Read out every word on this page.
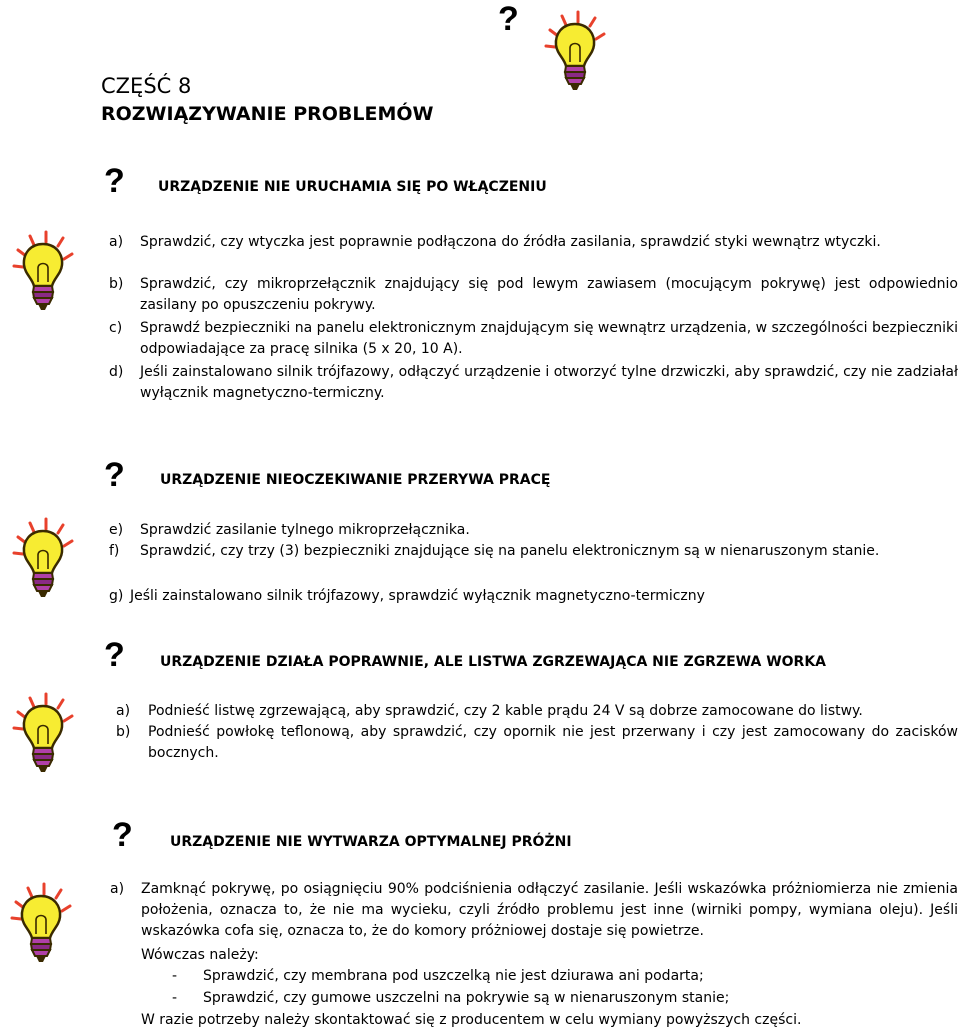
?
CZĘŚĆ 8
ROZWIĄZYWANIE PROBLEMÓW
? URZĄDZENIE NIE URUCHAMIA SIĘ PO WŁĄCZENIU
a) Sprawdzić, czy wtyczka jest poprawnie podłączona do źródła zasilania, sprawdzić styki wewnątrz wtyczki.
b) Sprawdzić, czy mikroprzełącznik znajdujący się pod lewym zawiasem (mocującym pokrywę) jest odpowiednio zasilany po opuszczeniu pokrywy.
c) Sprawdź bezpieczniki na panelu elektronicznym znajdującym się wewnątrz urządzenia, w szczególności bezpieczniki odpowiadające za pracę silnika (5 x 20, 10 A).
d) Jeśli zainstalowano silnik trójfazowy, odłączyć urządzenie i otworzyć tylne drzwiczki, aby sprawdzić, czy nie zadziałał wyłącznik magnetyczno-termiczny.
?	URZĄDZENIE NIEOCZEKIWANIE PRZERYWA PRACĘ
e) Sprawdzić zasilanie tylnego mikroprzełącznika.
f) Sprawdzić, czy trzy (3) bezpieczniki znajdujące się na panelu elektronicznym są w nienaruszonym stanie.
g) Jeśli zainstalowano silnik trójfazowy, sprawdzić wyłącznik magnetyczno-termiczny
?	URZĄDZENIE DZIAŁA POPRAWNIE, ALE LISTWA ZGRZEWAJĄCA NIE ZGRZEWA WORKA
a) Podnieść listwę zgrzewającą, aby sprawdzić, czy 2 kable prądu 24 V są dobrze zamocowane do listwy.
b) Podnieść powłokę teflonową, aby sprawdzić, czy opornik nie jest przerwany i czy jest zamocowany do zacisków bocznych.
?	URZĄDZENIE NIE WYTWARZA OPTYMALNEJ PRÓŻNI
a) Zamknąć pokrywę, po osiągnięciu 90% podciśnienia odłączyć zasilanie. Jeśli wskazówka próżniomierza nie zmienia położenia, oznacza to, że nie ma wycieku, czyli źródło problemu jest inne (wirniki pompy, wymiana oleju). Jeśli wskazówka cofa się, oznacza to, że do komory próżniowej dostaje się powietrze.
Wówczas należy:
- Sprawdzić, czy membrana pod uszczelką nie jest dziurawa ani podarta;
- Sprawdzić, czy gumowe uszczelni na pokrywie są w nienaruszonym stanie;
W razie potrzeby należy skontaktować się z producentem w celu wymiany powyższych części.
